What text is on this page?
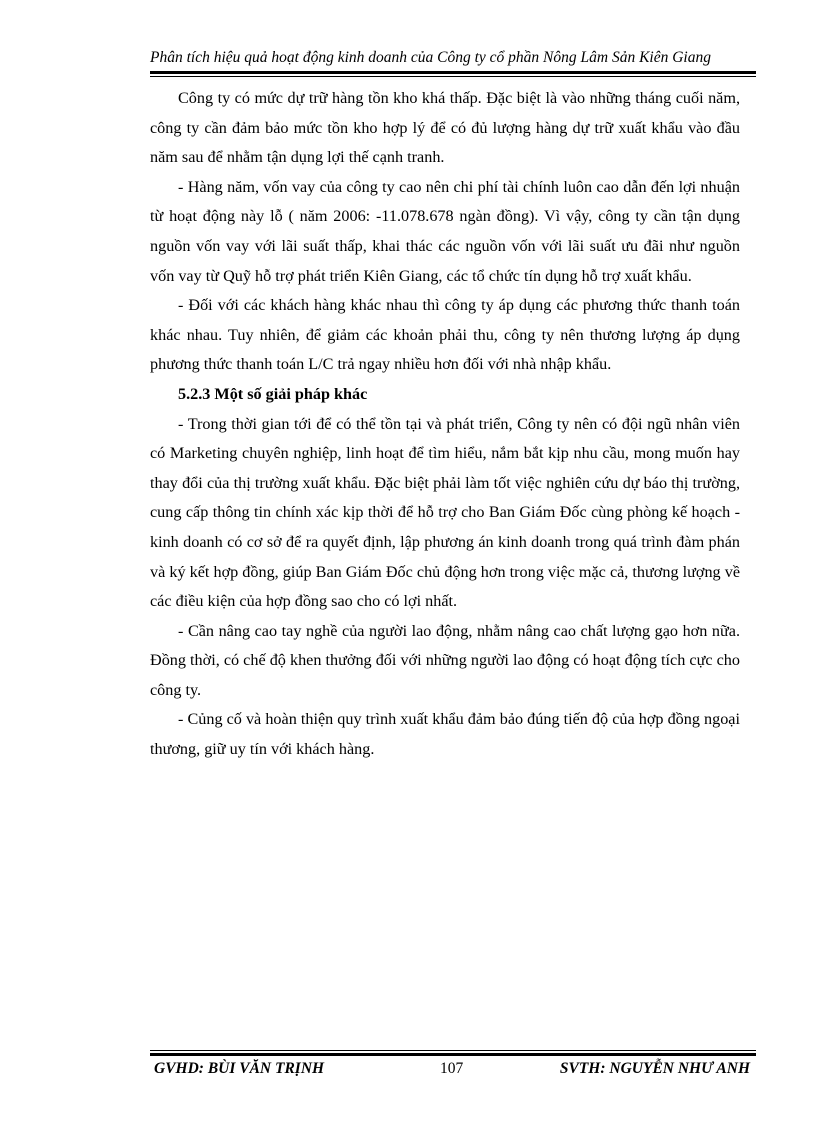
Phân tích hiệu quả hoạt động kinh doanh của Công ty cổ phần Nông Lâm Sản Kiên Giang

Công ty có mức dự trữ hàng tồn kho khá thấp. Đặc biệt là vào những tháng cuối năm, công ty cần đảm bảo mức tồn kho hợp lý để có đủ lượng hàng dự trữ xuất khẩu vào đầu năm sau để nhằm tận dụng lợi thế cạnh tranh.

- Hàng năm, vốn vay của công ty cao nên chi phí tài chính luôn cao dẫn đến lợi nhuận từ hoạt động này lỗ ( năm 2006: -11.078.678 ngàn đồng). Vì vậy, công ty cần tận dụng nguồn vốn vay với lãi suất thấp, khai thác các nguồn vốn với lãi suất ưu đãi như nguồn vốn vay từ Quỹ hỗ trợ phát triển Kiên Giang, các tổ chức tín dụng hỗ trợ xuất khẩu.

- Đối với các khách hàng khác nhau thì công ty áp dụng các phương thức thanh toán khác nhau. Tuy nhiên, để giảm các khoản phải thu, công ty nên thương lượng áp dụng phương thức thanh toán L/C trả ngay nhiều hơn đối với nhà nhập khẩu.

5.2.3 Một số giải pháp khác

- Trong thời gian tới để có thể tồn tại và phát triển, Công ty nên có đội ngũ nhân viên có Marketing chuyên nghiệp, linh hoạt để tìm hiểu, nắm bắt kịp nhu cầu, mong muốn hay thay đổi của thị trường xuất khẩu. Đặc biệt phải làm tốt việc nghiên cứu dự báo thị trường, cung cấp thông tin chính xác kịp thời để hỗ trợ cho Ban Giám Đốc cùng phòng kế hoạch - kinh doanh có cơ sở để ra quyết định, lập phương án kinh doanh trong quá trình đàm phán và ký kết hợp đồng, giúp Ban Giám Đốc chủ động hơn trong việc mặc cả, thương lượng về các điều kiện của hợp đồng sao cho có lợi nhất.

- Cần nâng cao tay nghề của người lao động, nhằm nâng cao chất lượng gạo hơn nữa. Đồng thời, có chế độ khen thưởng đối với những người lao động có hoạt động tích cực cho công ty.

- Củng cố và hoàn thiện quy trình xuất khẩu đảm bảo đúng tiến độ của hợp đồng ngoại thương, giữ uy tín với khách hàng.

GVHD: BÙI VĂN TRỊNH	107	SVTH: NGUYỄN NHƯ ANH
